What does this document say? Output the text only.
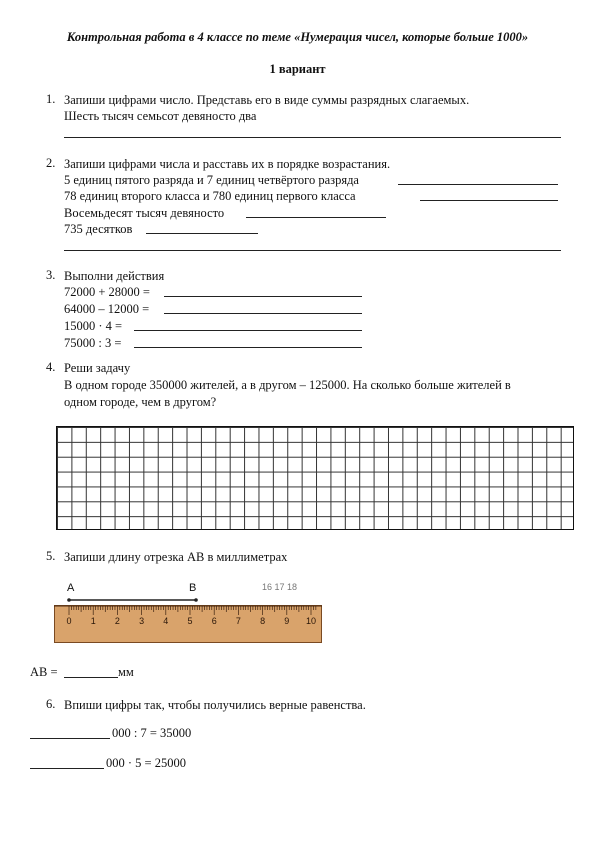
Контрольная работа в 4 классе по теме «Нумерация чисел, которые больше 1000»
1 вариант
1. Запиши цифрами число. Представь его в виде суммы разрядных слагаемых.
Шесть тысяч семьсот девяносто два
2. Запиши цифрами числа и расставь их в порядке возрастания.
5 единиц пятого разряда и 7 единиц четвёртого разряда
78 единиц второго класса и 780 единиц первого класса
Восемьдесят тысяч девяносто
735 десятков
3. Выполни действия
72000 + 28000 =
64000 – 12000 =
15000 · 4 =
75000 : 3 =
4. Реши задачу
В одном городе 350000 жителей, а в другом – 125000. На сколько больше жителей в
одном городе, чем в другом?
5. Запиши длину отрезка АВ в миллиметрах
A	B	16 17 18
0 1 2 3 4 5 6 7 8 9 10
АВ =	мм
6. Впиши цифры так, чтобы получились верные равенства.
000 : 7 = 35000
000 · 5 = 25000
